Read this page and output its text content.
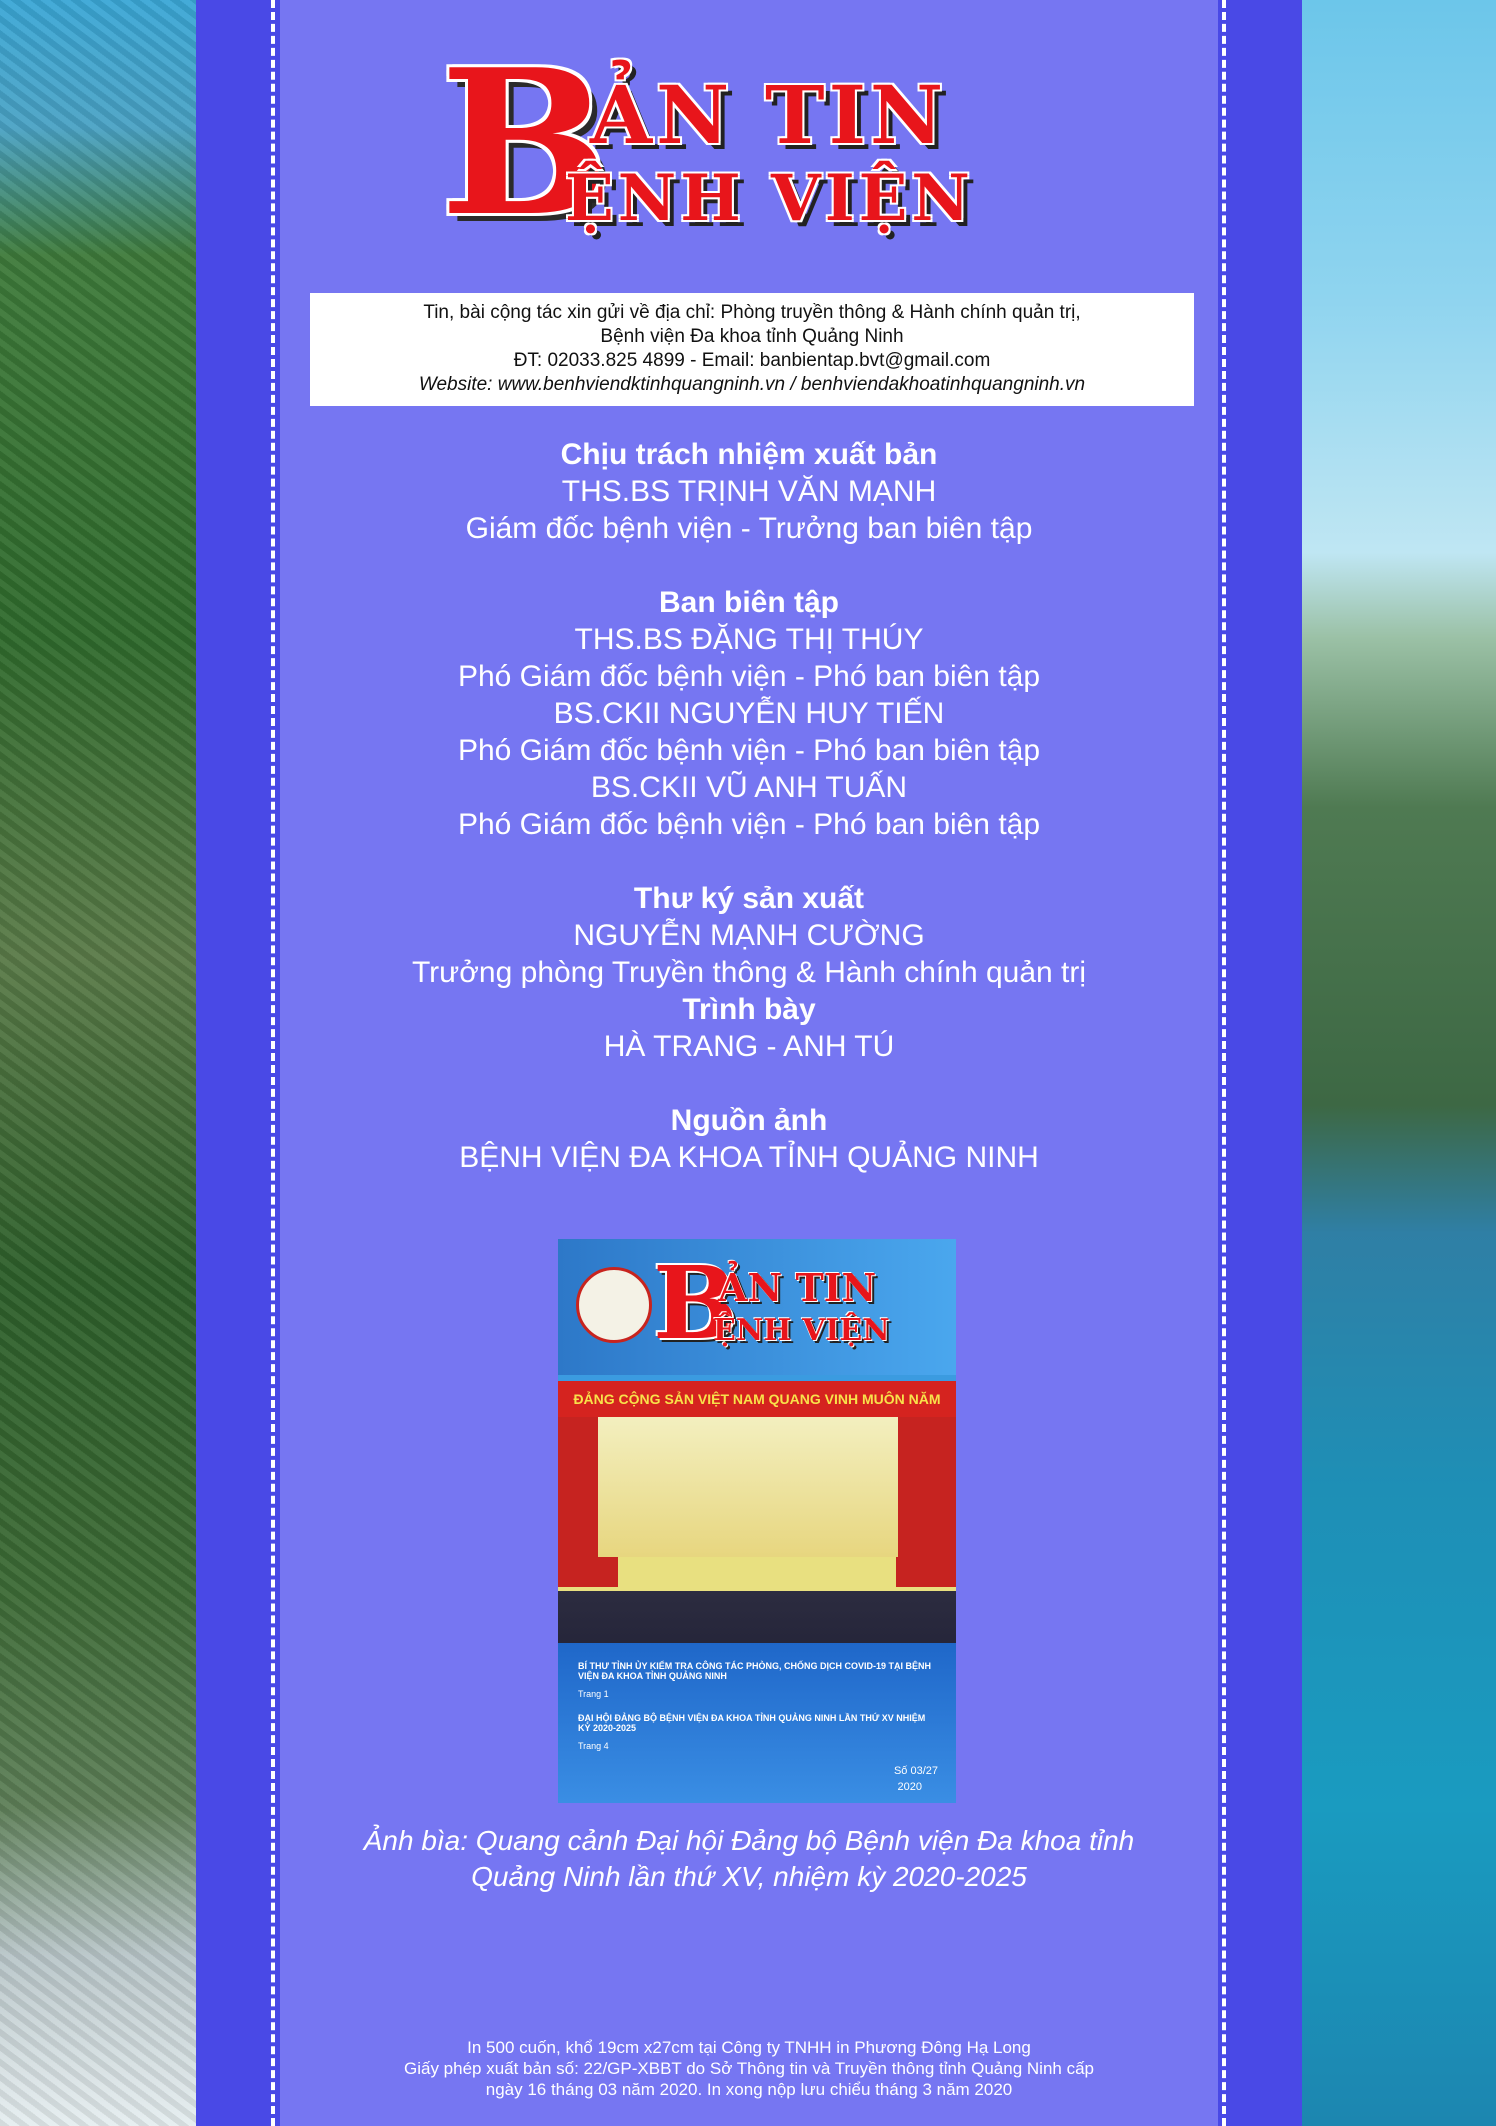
B
ẢN TIN
ỆNH VIỆN
Tin, bài cộng tác xin gửi về địa chỉ: Phòng truyền thông & Hành chính quản trị,
Bệnh viện Đa khoa tỉnh Quảng Ninh
ĐT: 02033.825 4899 - Email: banbientap.bvt@gmail.com
Website: www.benhviendktinhquangninh.vn / benhviendakhoatinhquangninh.vn
Chịu trách nhiệm xuất bản
THS.BS TRỊNH VĂN MẠNH
Giám đốc bệnh viện - Trưởng ban biên tập
Ban biên tập
THS.BS ĐẶNG THỊ THÚY
Phó Giám đốc bệnh viện - Phó ban biên tập
BS.CKII NGUYỄN HUY TIẾN
Phó Giám đốc bệnh viện - Phó ban biên tập
BS.CKII VŨ ANH TUẤN
Phó Giám đốc bệnh viện - Phó ban biên tập
Thư ký sản xuất
NGUYỄN MẠNH CƯỜNG
Trưởng phòng Truyền thông & Hành chính quản trị
Trình bày
HÀ TRANG - ANH TÚ
Nguồn ảnh
BỆNH VIỆN ĐA KHOA TỈNH QUẢNG NINH
B
ẢN TIN
ỆNH VIỆN
ĐẢNG CỘNG SẢN VIỆT NAM QUANG VINH MUÔN NĂM
BÍ THƯ TỈNH ỦY KIỂM TRA CÔNG TÁC PHÒNG, CHỐNG DỊCH COVID-19 TẠI BỆNH VIỆN ĐA KHOA TỈNH QUẢNG NINH
Trang 1
ĐẠI HỘI ĐẢNG BỘ BỆNH VIỆN ĐA KHOA TỈNH QUẢNG NINH LẦN THỨ XV NHIỆM KỲ 2020-2025
Trang 4
Số 03/27
2020
Ảnh bìa: Quang cảnh Đại hội Đảng bộ Bệnh viện Đa khoa tỉnh
Quảng Ninh lần thứ XV, nhiệm kỳ 2020-2025
In 500 cuốn, khổ 19cm x27cm tại Công ty TNHH in Phương Đông Hạ Long
Giấy phép xuất bản số: 22/GP-XBBT do Sở Thông tin và Truyền thông tỉnh Quảng Ninh cấp
ngày 16 tháng 03 năm 2020. In xong nộp lưu chiểu tháng 3 năm 2020
